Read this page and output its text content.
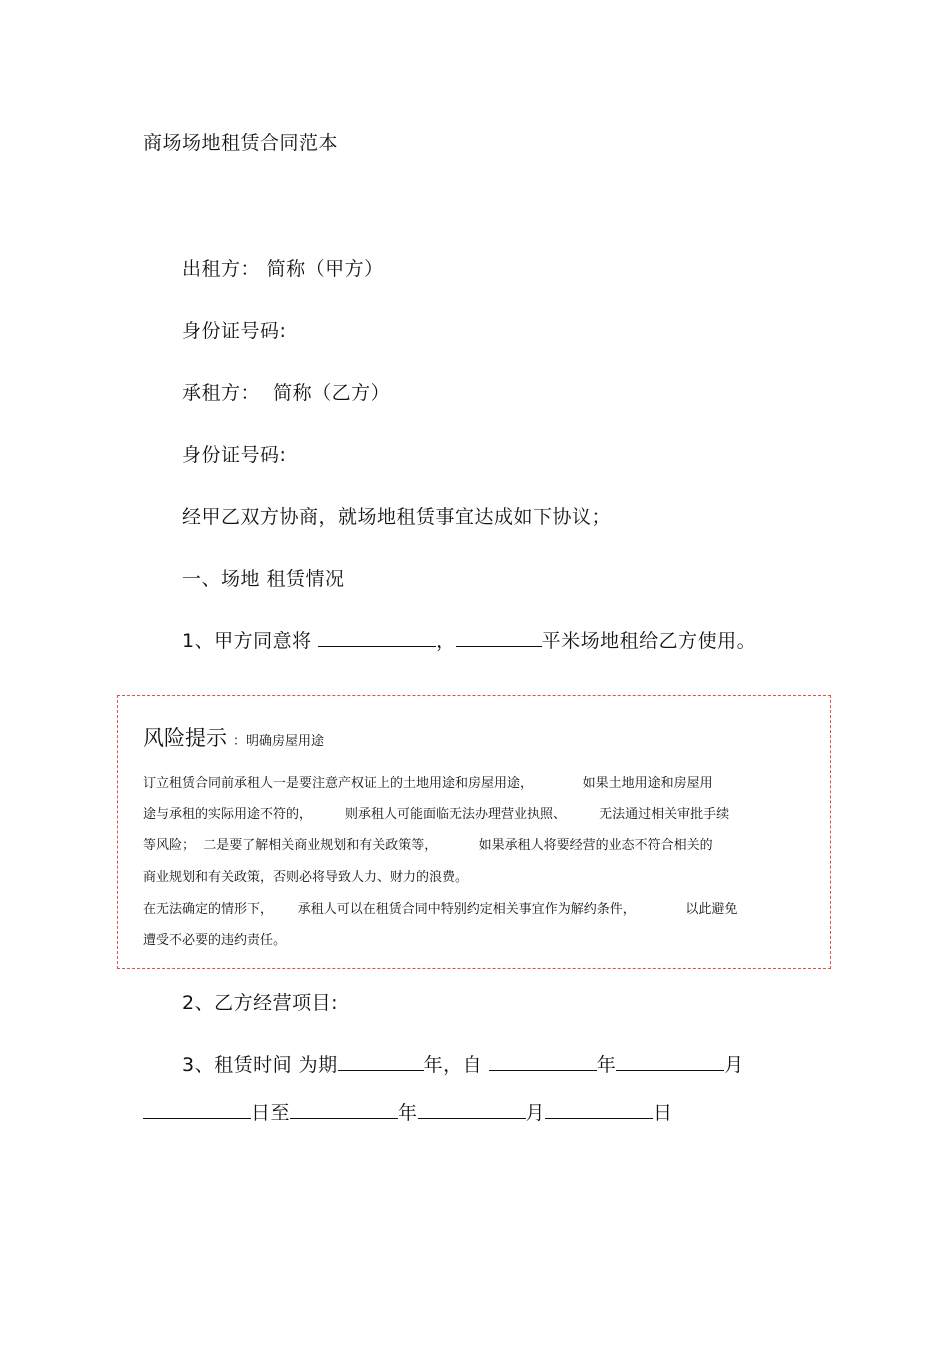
商场场地租赁合同范本
出租方： 简称（甲方）
身份证号码:
承租方： 简称（乙方）
身份证号码:
经甲乙双方协商，就场地租赁事宜达成如下协议；
一、场地 租赁情况
1、甲方同意将	，	平米场地租给乙方使用。
风险提示 ：明确房屋用途
订立租赁合同前承租人一是要注意产权证上的土地用途和房屋用途，            如果土地用途和房屋用
途与承租的实际用途不符的，        则承租人可能面临无法办理营业执照、        无法通过相关审批手续
等风险；  二是要了解相关商业规划和有关政策等，          如果承租人将要经营的业态不符合相关的
商业规划和有关政策，否则必将导致人力、财力的浪费。
在无法确定的情形下，      承租人可以在租赁合同中特别约定相关事宜作为解约条件，            以此避免
遭受不必要的违约责任。
2、乙方经营项目:
3、租赁时间 为期	年，自	年	月
日至	年	月	日
